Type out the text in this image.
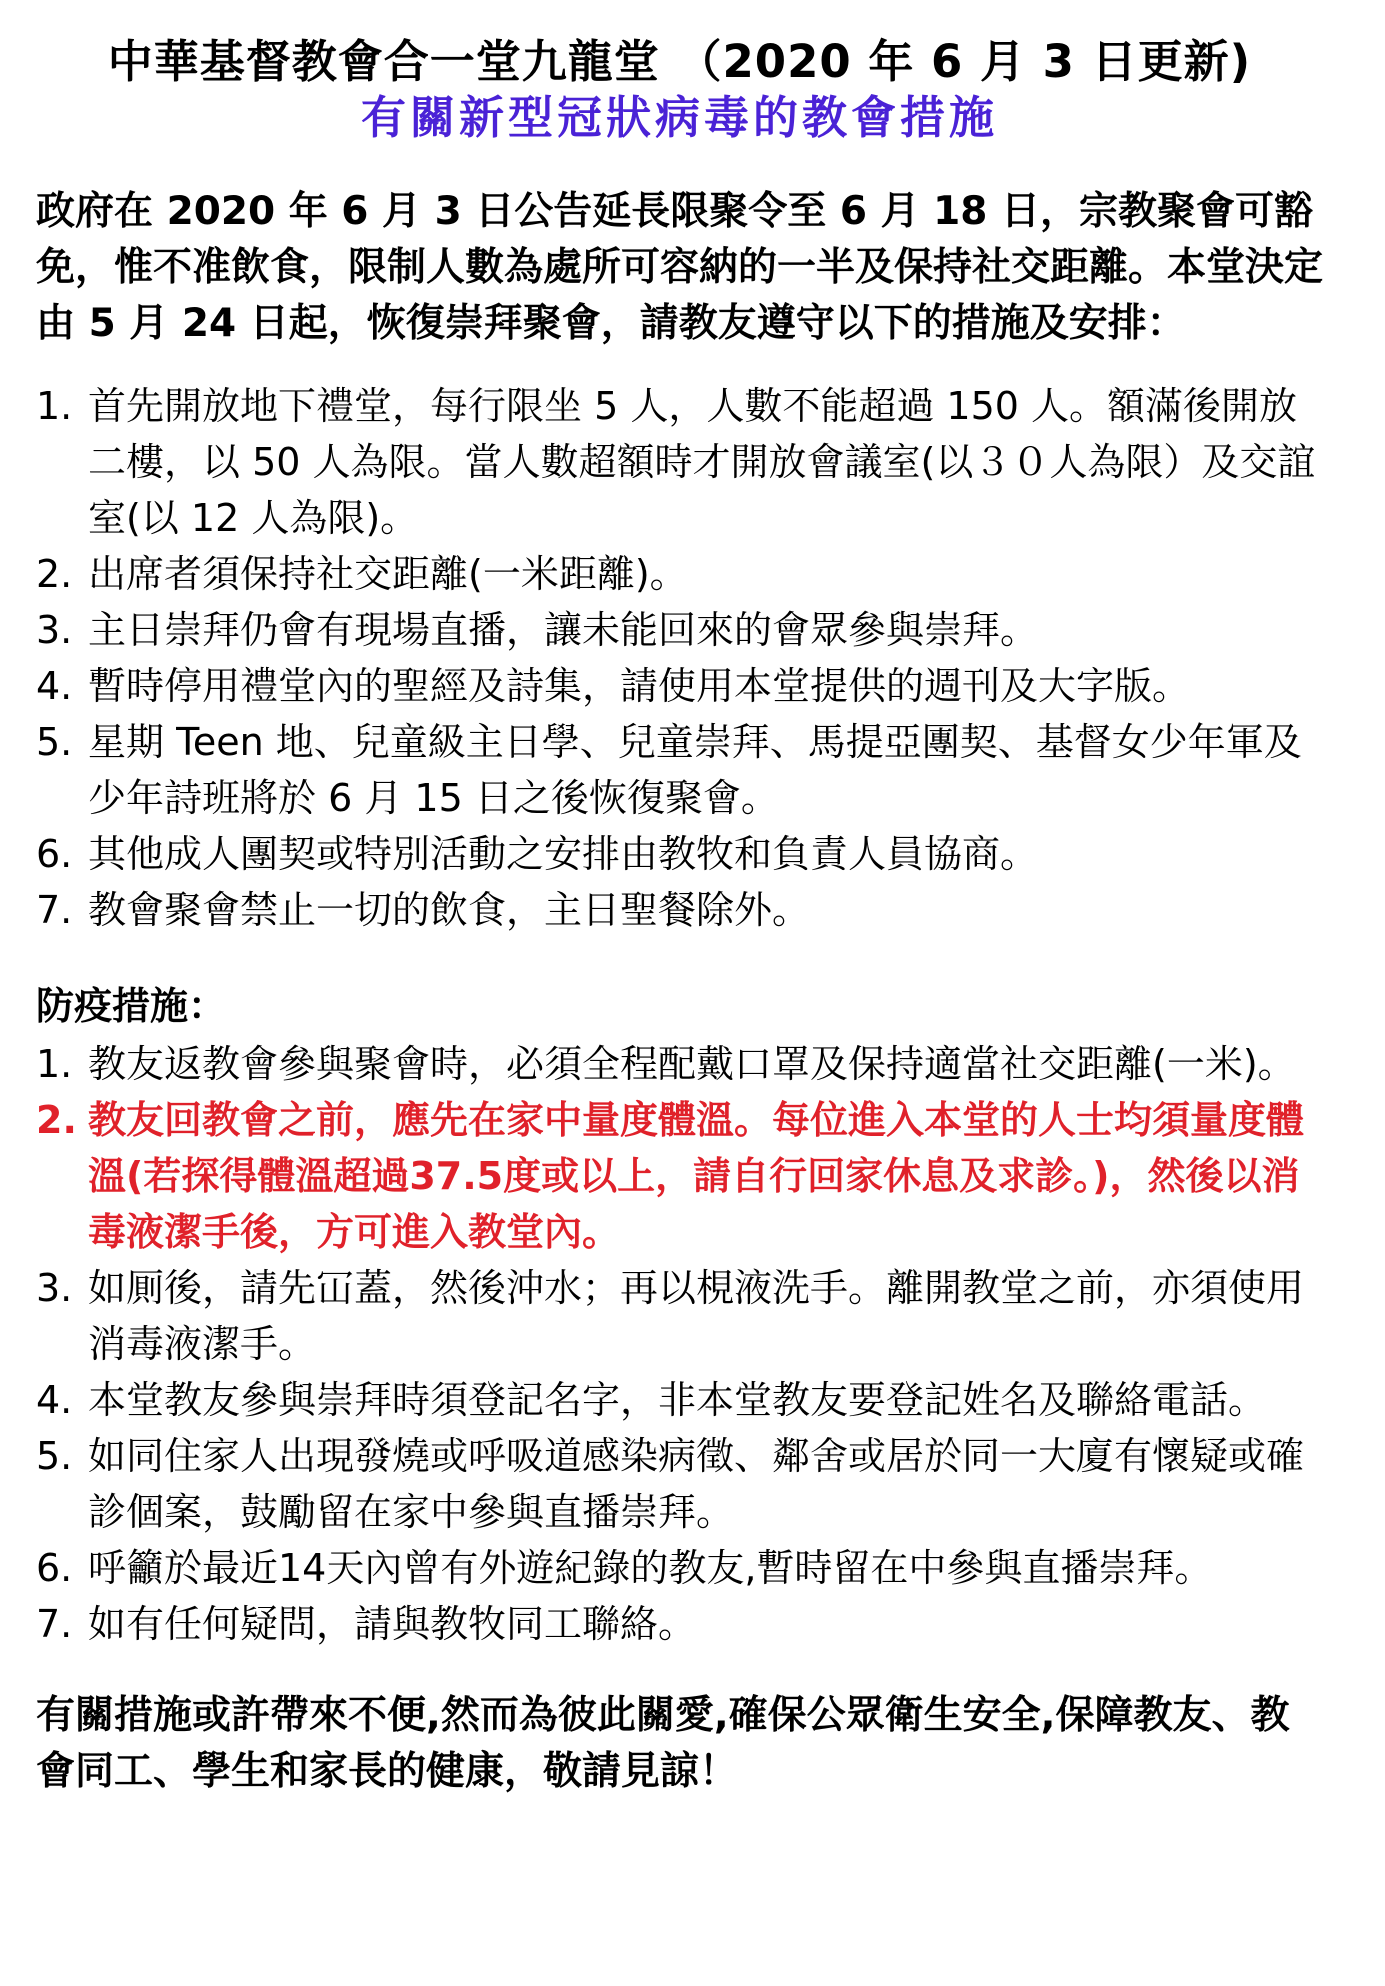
中華基督教會合一堂九龍堂 （2020 年 6 月 3 日更新)
有關新型冠狀病毒的教會措施

政府在 2020 年 6 月 3 日公告延長限聚令至 6 月 18 日，宗教聚會可豁免，惟不准飲食，限制人數為處所可容納的一半及保持社交距離。本堂決定由 5 月 24 日起，恢復崇拜聚會，請教友遵守以下的措施及安排：

1. 首先開放地下禮堂，每行限坐 5 人，人數不能超過 150 人。額滿後開放二樓，以 50 人為限。當人數超額時才開放會議室(以３０人為限）及交誼室(以 12 人為限)。
2. 出席者須保持社交距離(一米距離)。
3. 主日崇拜仍會有現場直播，讓未能回來的會眾參與崇拜。
4. 暫時停用禮堂內的聖經及詩集，請使用本堂提供的週刊及大字版。
5. 星期 Teen 地、兒童級主日學、兒童崇拜、馬提亞團契、基督女少年軍及少年詩班將於 6 月 15 日之後恢復聚會。
6. 其他成人團契或特別活動之安排由教牧和負責人員協商。
7. 教會聚會禁止一切的飲食，主日聖餐除外。
防疫措施：
1. 教友返教會參與聚會時，必須全程配戴口罩及保持適當社交距離(一米)。
2. 教友回教會之前，應先在家中量度體溫。每位進入本堂的人士均須量度體溫(若探得體溫超過37.5度或以上，請自行回家休息及求診。)，然後以消毒液潔手後，方可進入教堂內。
3. 如厠後，請先冚蓋，然後沖水；再以梘液洗手。離開教堂之前，亦須使用消毒液潔手。
4. 本堂教友參與崇拜時須登記名字，非本堂教友要登記姓名及聯絡電話。
5. 如同住家人出現發燒或呼吸道感染病徵、鄰舍或居於同一大廈有懷疑或確診個案，鼓勵留在家中參與直播崇拜。
6. 呼籲於最近14天內曾有外遊紀錄的教友,暫時留在中參與直播崇拜。
7. 如有任何疑問，請與教牧同工聯絡。

有關措施或許帶來不便,然而為彼此關愛,確保公眾衛生安全,保障教友、教會同工、學生和家長的健康，敬請見諒！
